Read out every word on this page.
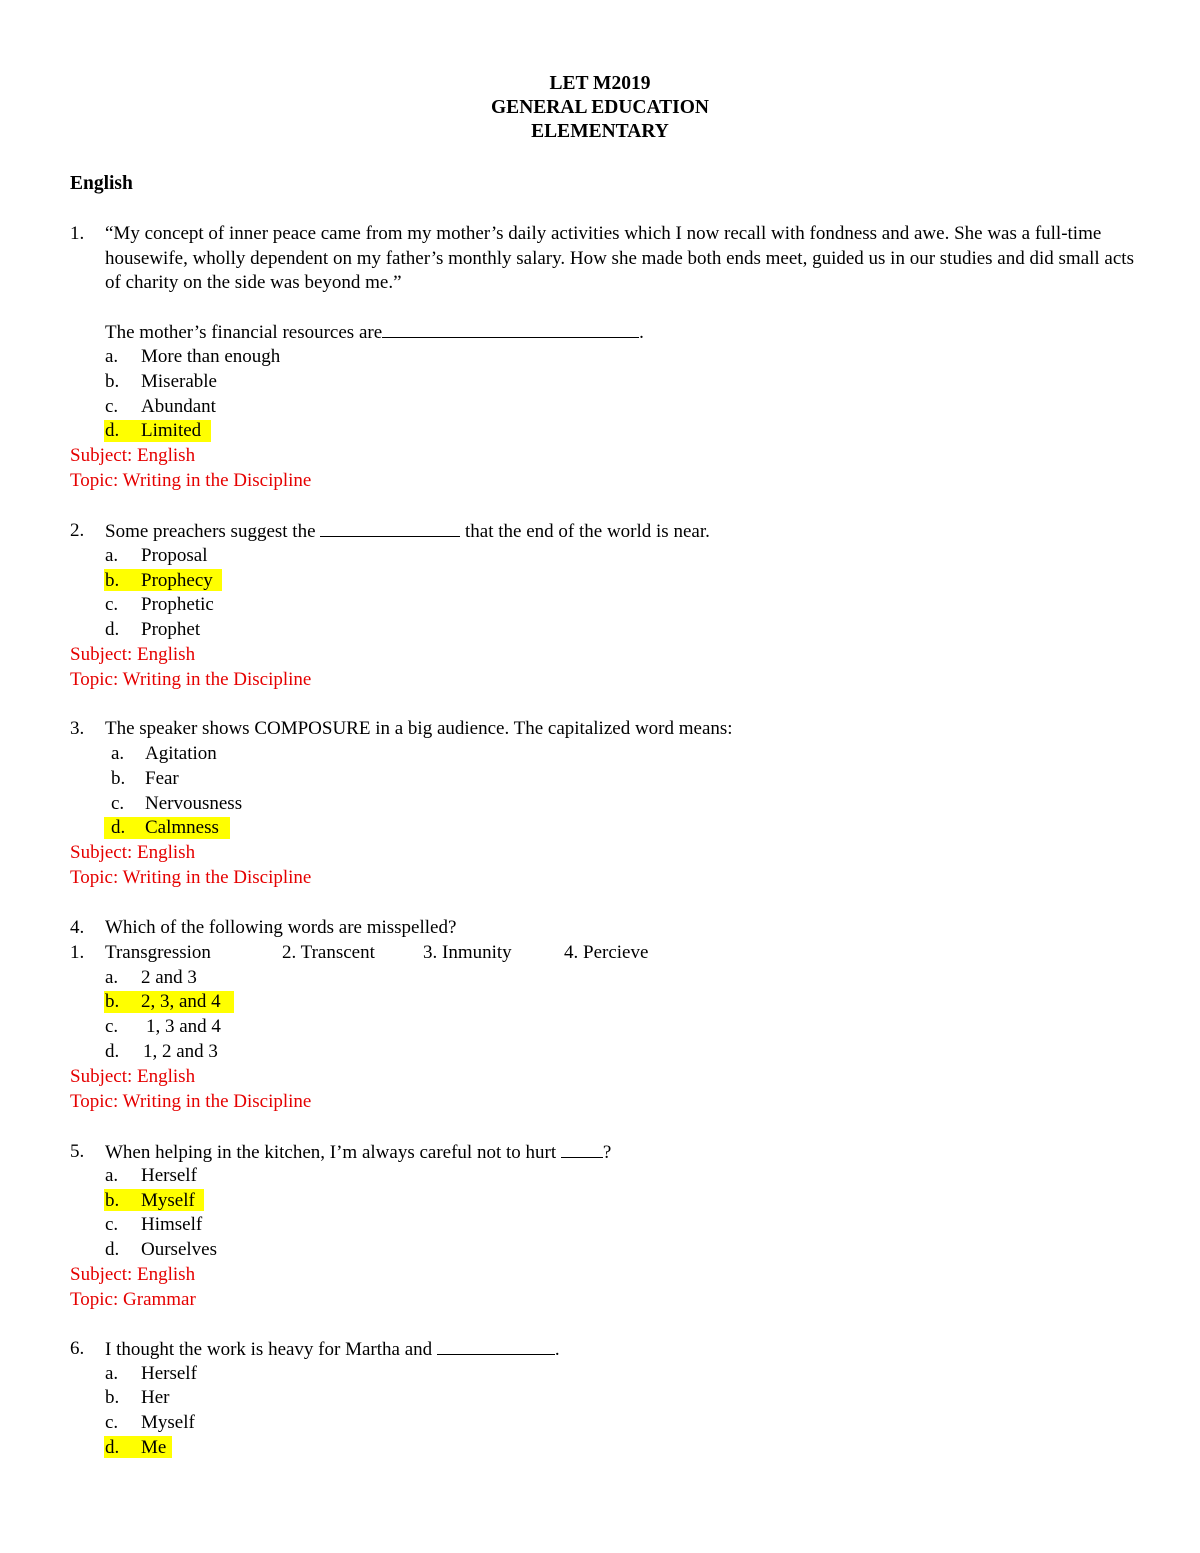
LET M2019
GENERAL EDUCATION
ELEMENTARY
English
1. “My concept of inner peace came from my mother’s daily activities which I now recall with fondness and awe. She was a full-time housewife, wholly dependent on my father’s monthly salary. How she made both ends meet, guided us in our studies and did small acts of charity on the side was beyond me.”
The mother’s financial resources are	.
a. More than enough
b. Miserable
c. Abundant
d. Limited
Subject: English
Topic: Writing in the Discipline
2. Some preachers suggest the	that the end of the world is near.
a. Proposal
b. Prophecy
c. Prophetic
d. Prophet
Subject: English
Topic: Writing in the Discipline
3. The speaker shows COMPOSURE in a big audience. The capitalized word means:
a. Agitation
b. Fear
c. Nervousness
d. Calmness
Subject: English
Topic: Writing in the Discipline
4. Which of the following words are misspelled?
1. Transgression	2. Transcent	3. Inmunity	4. Percieve
a. 2 and 3
b. 2, 3, and 4
c. 1, 3 and 4
d. 1, 2 and 3
Subject: English
Topic: Writing in the Discipline
5. When helping in the kitchen, I’m always careful not to hurt ?
a. Herself
b. Myself
c. Himself
d. Ourselves
Subject: English
Topic: Grammar
6. I thought the work is heavy for Martha and	.
a. Herself
b. Her
c. Myself
d. Me
